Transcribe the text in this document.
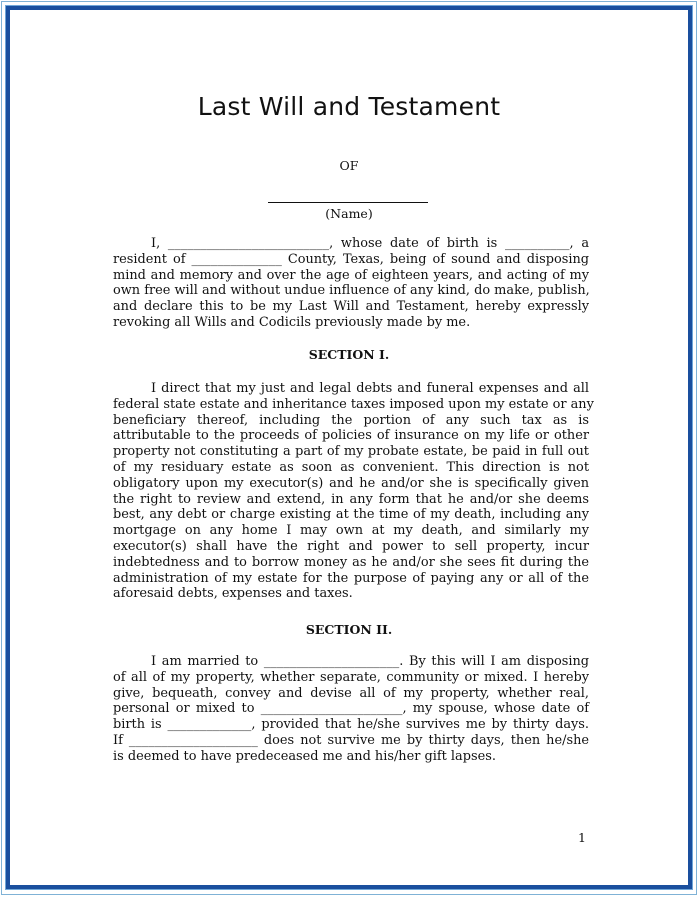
Last Will and Testament
OF
(Name)
I, _________________________, whose date of birth is __________, a
resident of ______________ County, Texas, being of sound and disposing
mind and memory and over the age of eighteen years, and acting of my
own free will and without undue influence of any kind, do make, publish,
and declare this to be my Last Will and Testament, hereby expressly
revoking all Wills and Codicils previously made by me.
SECTION I.
I direct that my just and legal debts and funeral expenses and all
federal state estate and inheritance taxes imposed upon my estate or any
beneficiary thereof, including the portion of any such tax as is
attributable to the proceeds of policies of insurance on my life or other
property not constituting a part of my probate estate, be paid in full out
of my residuary estate as soon as convenient. This direction is not
obligatory upon my executor(s) and he and/or she is specifically given
the right to review and extend, in any form that he and/or she deems
best, any debt or charge existing at the time of my death, including any
mortgage on any home I may own at my death, and similarly my
executor(s) shall have the right and power to sell property, incur
indebtedness and to borrow money as he and/or she sees fit during the
administration of my estate for the purpose of paying any or all of the
aforesaid debts, expenses and taxes.
SECTION II.
I am married to _____________________. By this will I am disposing
of all of my property, whether separate, community or mixed. I hereby
give, bequeath, convey and devise all of my property, whether real,
personal or mixed to ______________________, my spouse, whose date of
birth is _____________, provided that he/she survives me by thirty days.
If ____________________ does not survive me by thirty days, then he/she
is deemed to have predeceased me and his/her gift lapses.
1
